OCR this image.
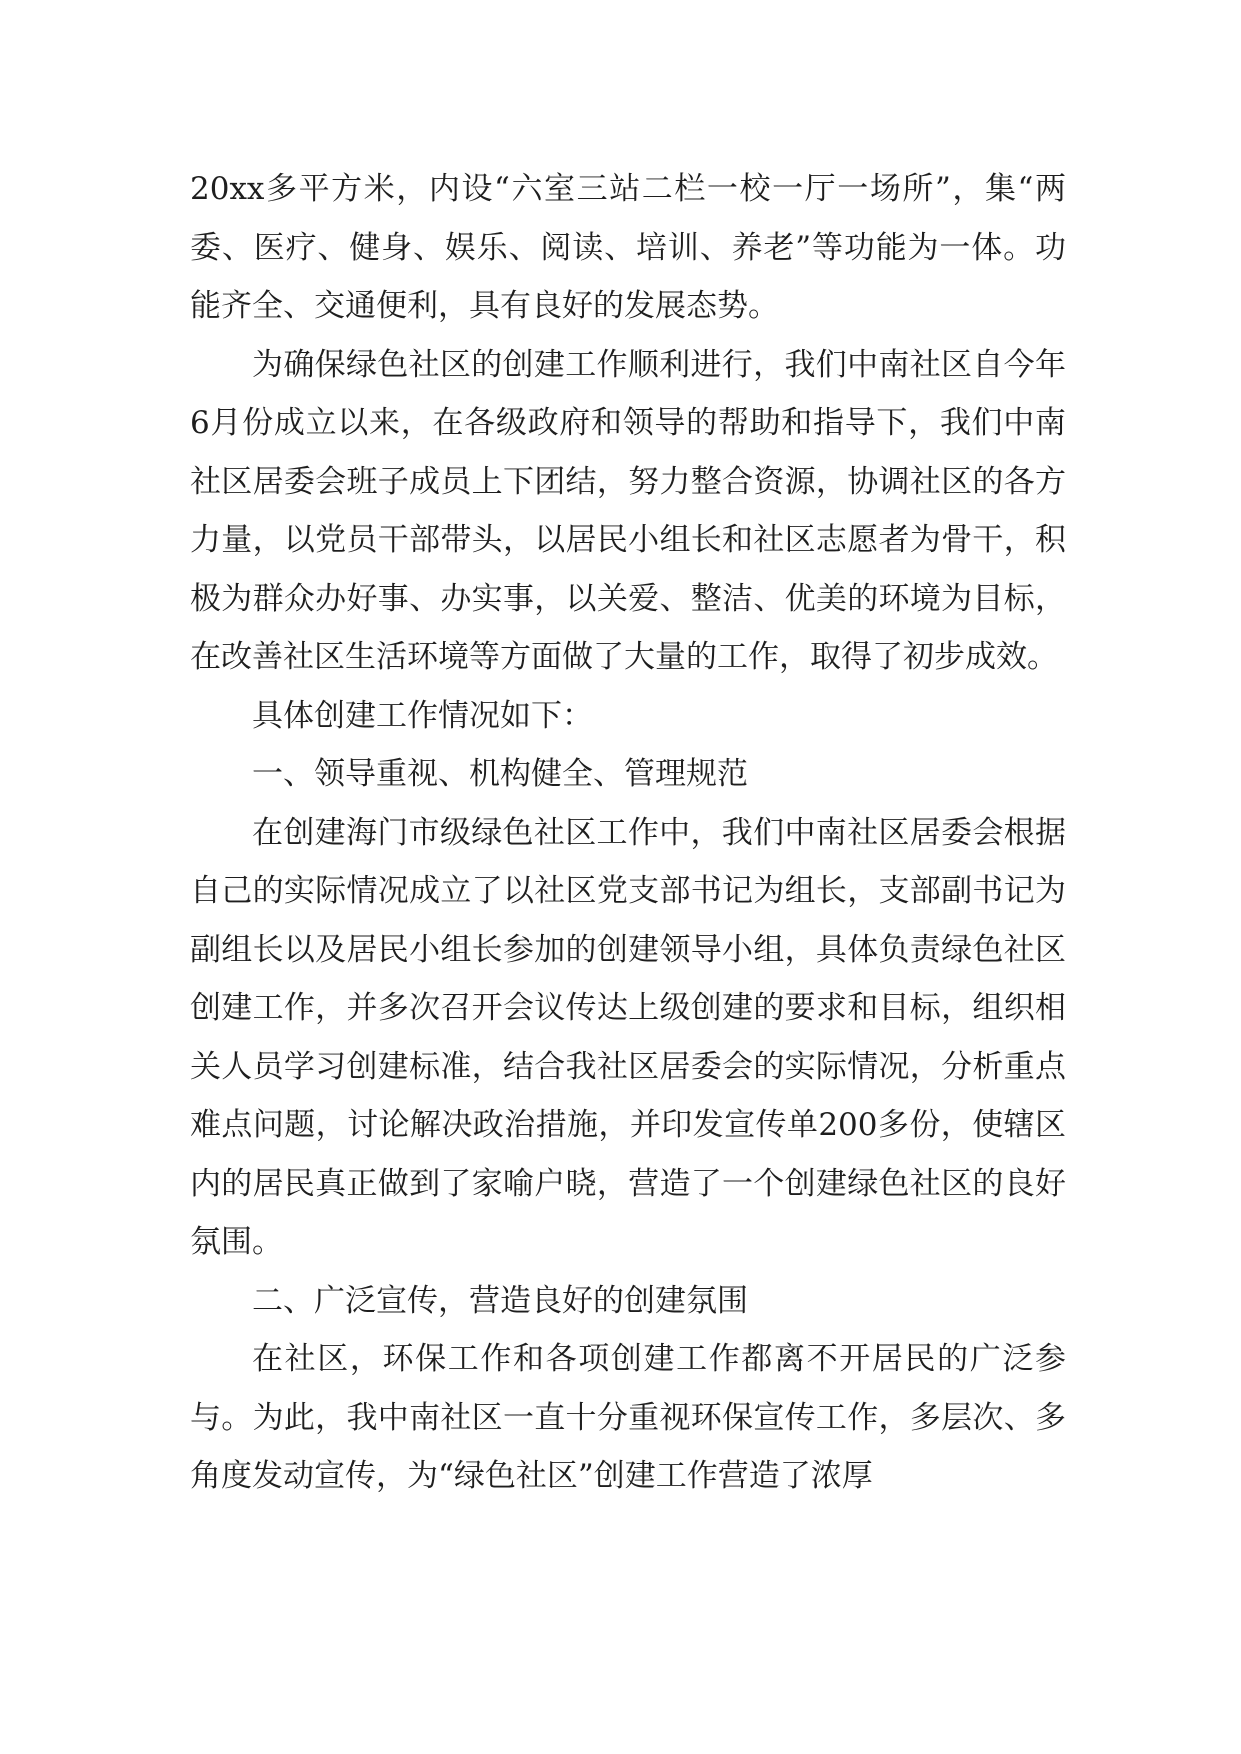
20xx多平方米，内设“六室三站二栏一校一厅一场所”，集“两委、医疗、健身、娱乐、阅读、培训、养老”等功能为一体。功能齐全、交通便利，具有良好的发展态势。

为确保绿色社区的创建工作顺利进行，我们中南社区自今年6月份成立以来，在各级政府和领导的帮助和指导下，我们中南社区居委会班子成员上下团结，努力整合资源，协调社区的各方力量，以党员干部带头，以居民小组长和社区志愿者为骨干，积极为群众办好事、办实事，以关爱、整洁、优美的环境为目标，在改善社区生活环境等方面做了大量的工作，取得了初步成效。

具体创建工作情况如下：

一、领导重视、机构健全、管理规范

在创建海门市级绿色社区工作中，我们中南社区居委会根据自己的实际情况成立了以社区党支部书记为组长，支部副书记为副组长以及居民小组长参加的创建领导小组，具体负责绿色社区创建工作，并多次召开会议传达上级创建的要求和目标，组织相关人员学习创建标准，结合我社区居委会的实际情况，分析重点难点问题，讨论解决政治措施，并印发宣传单200多份，使辖区内的居民真正做到了家喻户晓，营造了一个创建绿色社区的良好氛围。

二、广泛宣传，营造良好的创建氛围

在社区，环保工作和各项创建工作都离不开居民的广泛参与。为此，我中南社区一直十分重视环保宣传工作，多层次、多角度发动宣传，为“绿色社区”创建工作营造了浓厚
